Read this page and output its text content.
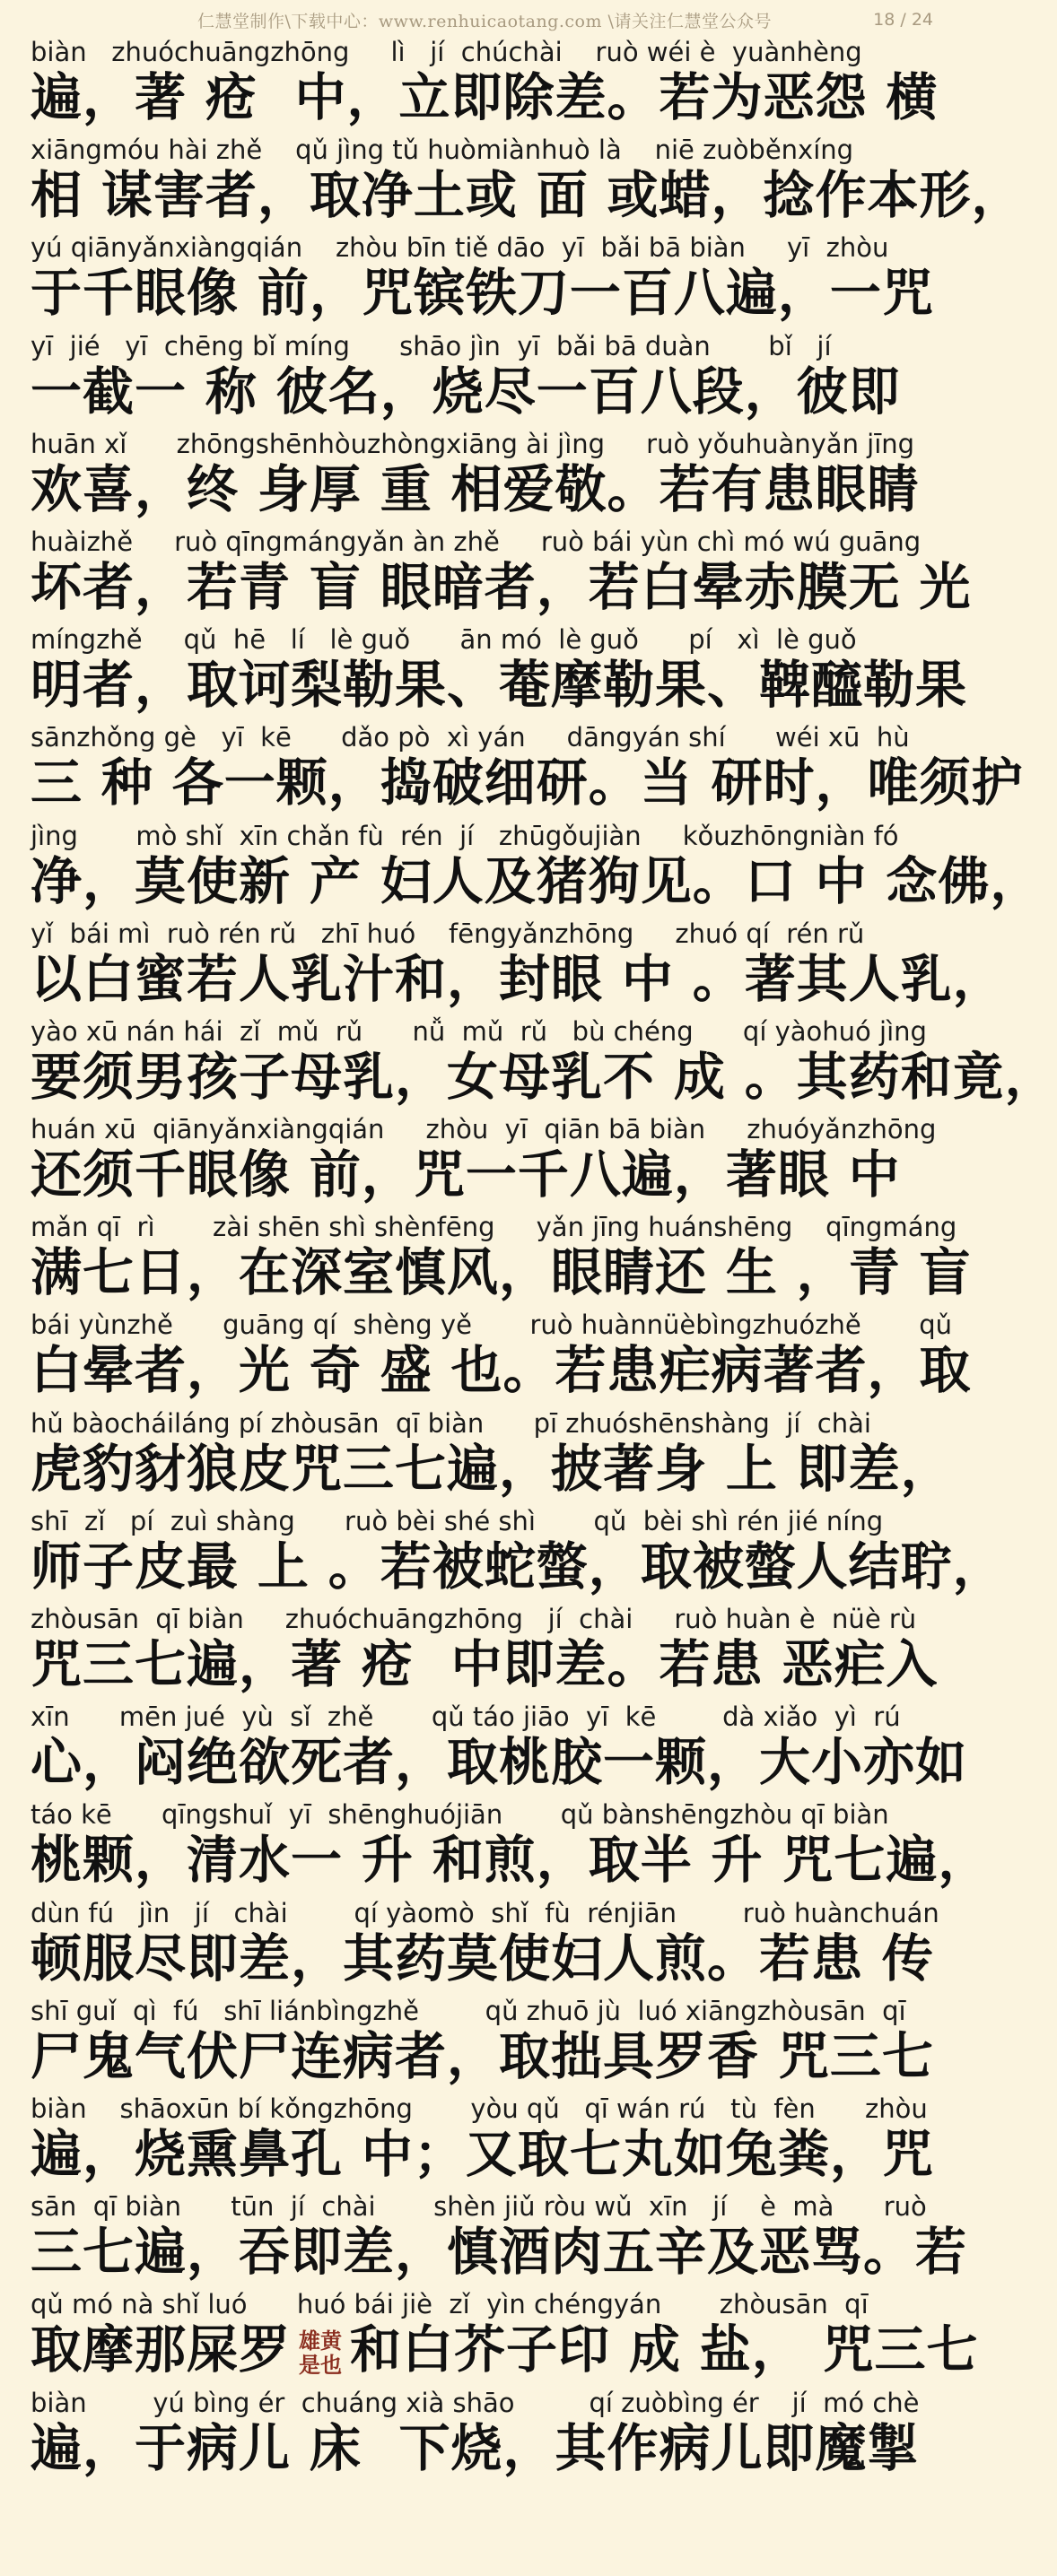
仁慧堂制作\下载中心：www.renhuicaotang.com \请关注仁慧堂公众号	18 / 24
biàn   zhuóchuāngzhōng     lì   jí  chúchài    ruò wéi è  yuànhèng
遍，著 疮  中，立即除差。若为恶怨 横
xiāngmóu hài zhě    qǔ jìng tǔ huòmiànhuò là    niē zuòběnxíng
相 谋害者，取净土或 面 或蜡，捻作本形，
yú qiānyǎnxiàngqián    zhòu bīn tiě dāo  yī  bǎi bā biàn     yī  zhòu
于千眼像 前，咒镔铁刀一百八遍，一咒
yī  jié   yī  chēng bǐ míng      shāo jìn  yī  bǎi bā duàn       bǐ   jí
一截一 称 彼名，烧尽一百八段，彼即
huān xǐ      zhōngshēnhòuzhòngxiāng ài jìng     ruò yǒuhuànyǎn jīng
欢喜，终 身厚 重 相爱敬。若有患眼睛
huàizhě     ruò qīngmángyǎn àn zhě     ruò bái yùn chì mó wú guāng
坏者，若青 盲 眼暗者，若白晕赤膜无 光
míngzhě     qǔ  hē   lí   lè guǒ      ān mó  lè guǒ      pí   xì  lè guǒ
明者，取诃梨勒果、菴摩勒果、鞞醯勒果
sānzhǒng gè   yī  kē      dǎo pò  xì yán     dāngyán shí      wéi xū  hù
三 种 各一颗，捣破细研。当 研时，唯须护
jìng       mò shǐ  xīn chǎn fù  rén  jí   zhūgǒujiàn     kǒuzhōngniàn fó
净，莫使新 产 妇人及猪狗见。口 中 念佛，
yǐ  bái mì  ruò rén rǔ   zhī huó    fēngyǎnzhōng     zhuó qí  rén rǔ
以白蜜若人乳汁和，封眼 中 。著其人乳，
yào xū nán hái  zǐ  mǔ  rǔ      nǚ  mǔ  rǔ   bù chéng      qí yàohuó jìng
要须男孩子母乳，女母乳不 成 。其药和竟，
huán xū  qiānyǎnxiàngqián     zhòu  yī  qiān bā biàn     zhuóyǎnzhōng
还须千眼像 前，咒一千八遍，著眼 中
mǎn qī  rì       zài shēn shì shènfēng     yǎn jīng huánshēng    qīngmáng
满七日，在深室慎风，眼睛还 生 ，青 盲
bái yùnzhě      guāng qí  shèng yě       ruò huànnüèbìngzhuózhě       qǔ
白晕者，光 奇 盛 也。若患疟病著者，取
hǔ bàocháiláng pí zhòusān  qī biàn      pī zhuóshēnshàng  jí  chài
虎豹豺狼皮咒三七遍，披著身 上 即差，
shī  zǐ   pí  zuì shàng      ruò bèi shé shì       qǔ  bèi shì rén jié níng
师子皮最 上 。若被蛇螫，取被螫人结聍，
zhòusān  qī biàn     zhuóchuāngzhōng   jí  chài     ruò huàn è  nüè rù
咒三七遍，著 疮  中即差。若患 恶疟入
xīn      mēn jué  yù  sǐ  zhě       qǔ táo jiāo  yī  kē        dà xiǎo  yì  rú
心，闷绝欲死者，取桃胶一颗，大小亦如
táo kē      qīngshuǐ  yī  shēnghuójiān       qǔ bànshēngzhòu qī biàn
桃颗，清水一 升 和煎，取半 升 咒七遍，
dùn fú   jìn   jí   chài        qí yàomò  shǐ  fù  rénjiān        ruò huànchuán
顿服尽即差，其药莫使妇人煎。若患 传
shī guǐ  qì  fú   shī liánbìngzhě        qǔ zhuō jù  luó xiāngzhòusān  qī
尸鬼气伏尸连病者，取拙具罗香 咒三七
biàn    shāoxūn bí kǒngzhōng       yòu qǔ   qī wán rú   tù  fèn      zhòu
遍，烧熏鼻孔 中；又取七丸如兔粪，咒
sān  qī biàn      tūn  jí  chài       shèn jiǔ ròu wǔ  xīn   jí    è  mà      ruò
三七遍，吞即差，慎酒肉五辛及恶骂。若
qǔ mó nà shǐ luó      huó bái jiè  zǐ  yìn chéngyán       zhòusān  qī
取摩那屎罗 雄黄是也 和白芥子印 成 盐， 咒三七
biàn        yú bìng ér  chuáng xià shāo         qí zuòbìng ér    jí  mó chè
遍，于病儿 床  下烧，其作病儿即魔掣
